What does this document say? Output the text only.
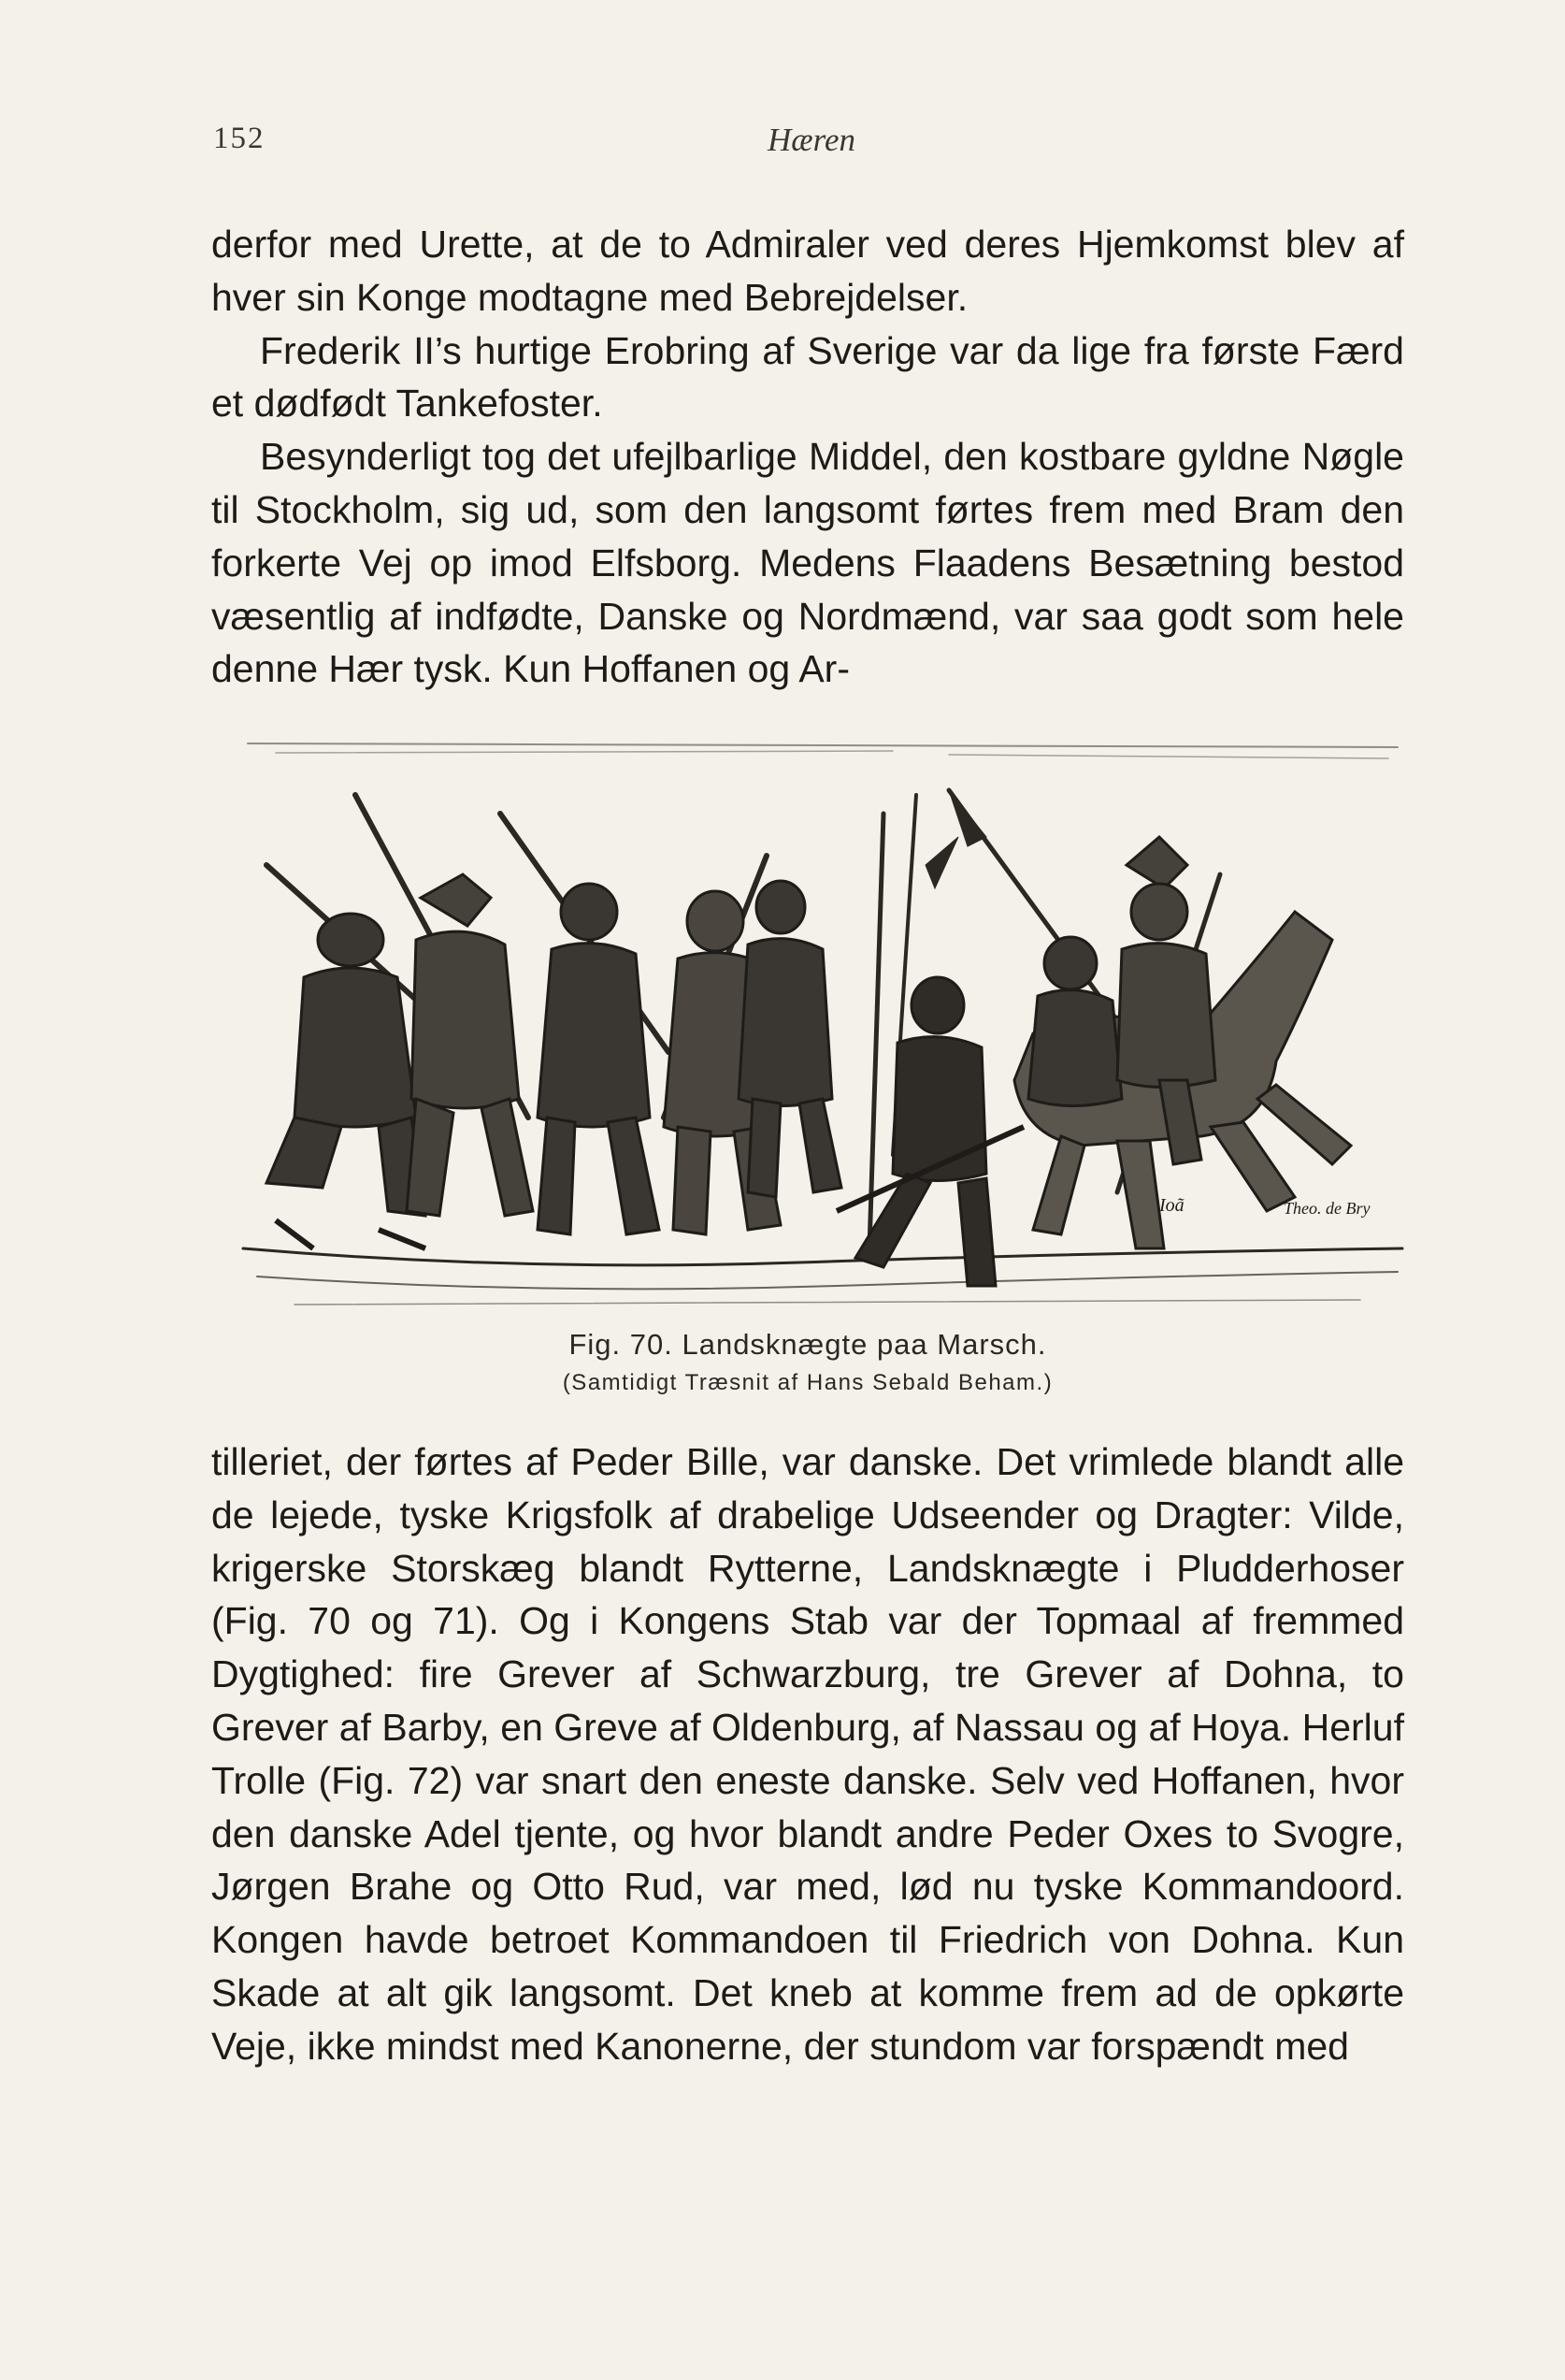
152	Hæren

derfor med Urette, at de to Admiraler ved deres Hjemkomst blev af hver sin Konge modtagne med Bebrejdelser.

Frederik II’s hurtige Erobring af Sverige var da lige fra første Færd et dødfødt Tankefoster.

Besynderligt tog det ufejlbarlige Middel, den kostbare gyldne Nøgle til Stockholm, sig ud, som den langsomt førtes frem med Bram den forkerte Vej op imod Elfsborg. Medens Flaadens Besætning bestod væsentlig af indfødte, Danske og Nordmænd, var saa godt som hele denne Hær tysk. Kun Hoffanen og Ar-

Ioã	Theo. de Bry
Fig. 70. Landsknægte paa Marsch.
(Samtidigt Træsnit af Hans Sebald Beham.)

tilleriet, der førtes af Peder Bille, var danske. Det vrimlede blandt alle de lejede, tyske Krigsfolk af drabelige Udseender og Dragter: Vilde, krigerske Storskæg blandt Rytterne, Landsknægte i Pludderhoser (Fig. 70 og 71). Og i Kongens Stab var der Topmaal af fremmed Dygtighed: fire Grever af Schwarzburg, tre Grever af Dohna, to Grever af Barby, en Greve af Oldenburg, af Nassau og af Hoya. Herluf Trolle (Fig. 72) var snart den eneste danske. Selv ved Hoffanen, hvor den danske Adel tjente, og hvor blandt andre Peder Oxes to Svogre, Jørgen Brahe og Otto Rud, var med, lød nu tyske Kommandoord. Kongen havde betroet Kommandoen til Friedrich von Dohna. Kun Skade at alt gik langsomt. Det kneb at komme frem ad de opkørte Veje, ikke mindst med Kanonerne, der stundom var forspændt med
